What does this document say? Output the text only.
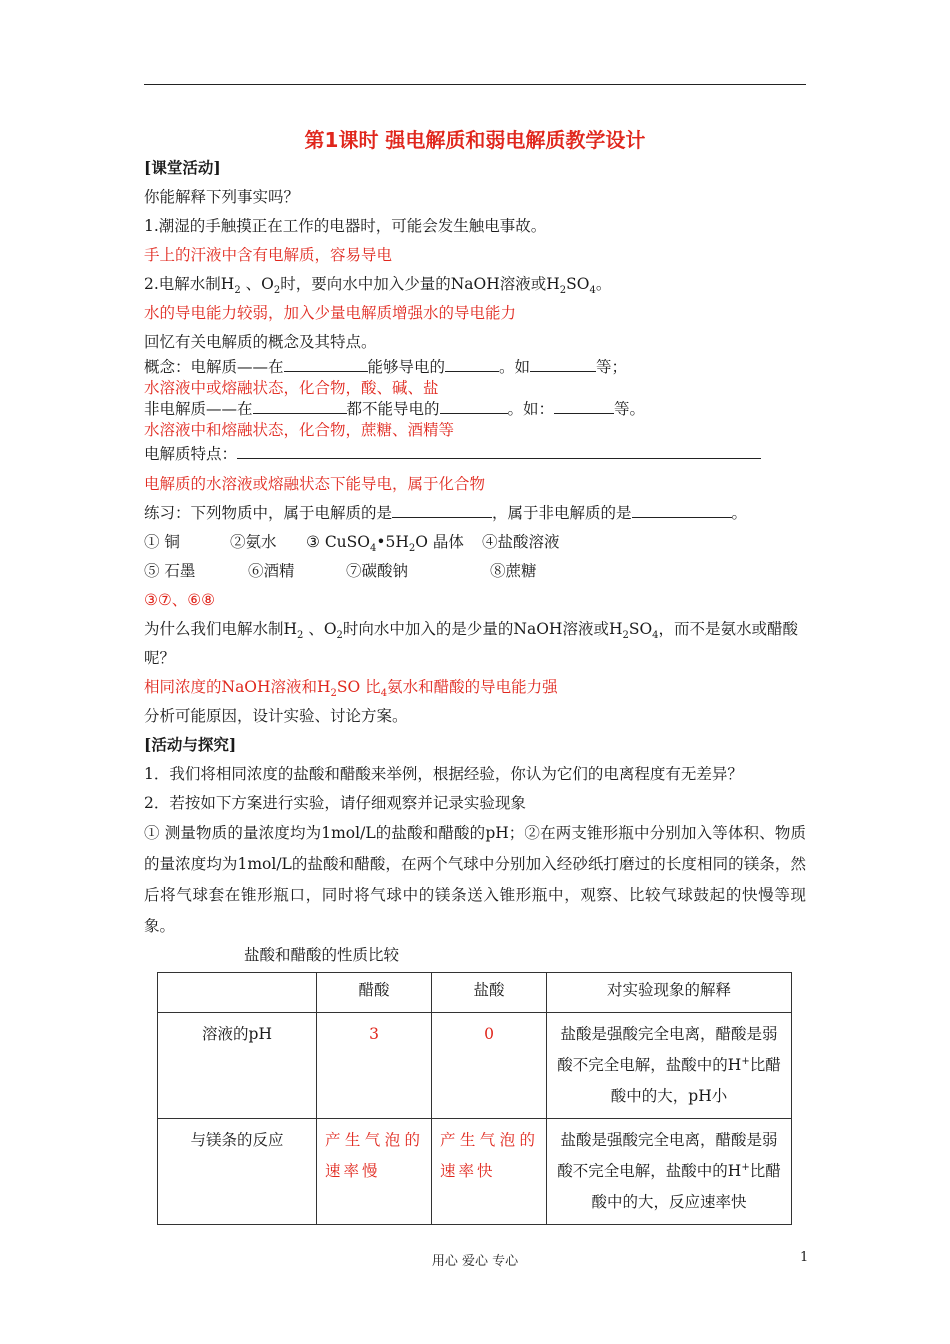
第1课时 强电解质和弱电解质教学设计
[课堂活动]
你能解释下列事实吗？
1.潮湿的手触摸正在工作的电器时，可能会发生触电事故。
手上的汗液中含有电解质，容易导电
2.电解水制$H_2$ 、$O_2$时，要向水中加入少量的NaOH溶液或$H_2SO_4$。
水的导电能力较弱，加入少量电解质增强水的导电能力
回忆有关电解质的概念及其特点。
概念：电解质——在	能够导电的	。如	等；
水溶液中或熔融状态，化合物，酸、碱、盐
非电解质——在	都不能导电的	。如：	等。
水溶液中和熔融状态，化合物，蔗糖、酒精等
电解质特点：
电解质的水溶液或熔融状态下能导电，属于化合物
练习：下列物质中，属于电解质的是	，属于非电解质的是	。
① 铜	②氨水 ③ $CuSO_4•5H_2O$ 晶体 ④盐酸溶液
⑤ 石墨	⑥酒精	⑦碳酸钠	⑧蔗糖
③⑦、⑥⑧
为什么我们电解水制$H_2$ 、$O_2$时向水中加入的是少量的NaOH溶液或$H_2SO_4$，而不是氨水或醋酸
呢？
相同浓度的NaOH溶液和$H_2SO$ 比$_4$氨水和醋酸的导电能力强
分析可能原因，设计实验、讨论方案。
[活动与探究]
1．我们将相同浓度的盐酸和醋酸来举例，根据经验，你认为它们的电离程度有无差异？
2．若按如下方案进行实验，请仔细观察并记录实验现象
① 测量物质的量浓度均为1mol/L的盐酸和醋酸的pH；②在两支锥形瓶中分别加入等体积、物质的量浓度均为1mol/L的盐酸和醋酸，在两个气球中分别加入经砂纸打磨过的长度相同的镁条，然后将气球套在锥形瓶口，同时将气球中的镁条送入锥形瓶中，观察、比较气球鼓起的快慢等现象。
盐酸和醋酸的性质比较

	醋酸	盐酸	对实验现象的解释

溶液的pH	3	0	盐酸是强酸完全电离，醋酸是弱酸不完全电解，盐酸中的H+比醋酸中的大，pH小

与镁条的反应	产生气泡的速率慢	产生气泡的速率快	盐酸是强酸完全电离，醋酸是弱酸不完全电解，盐酸中的H+比醋酸中的大，反应速率快
用心 爱心 专心	1
